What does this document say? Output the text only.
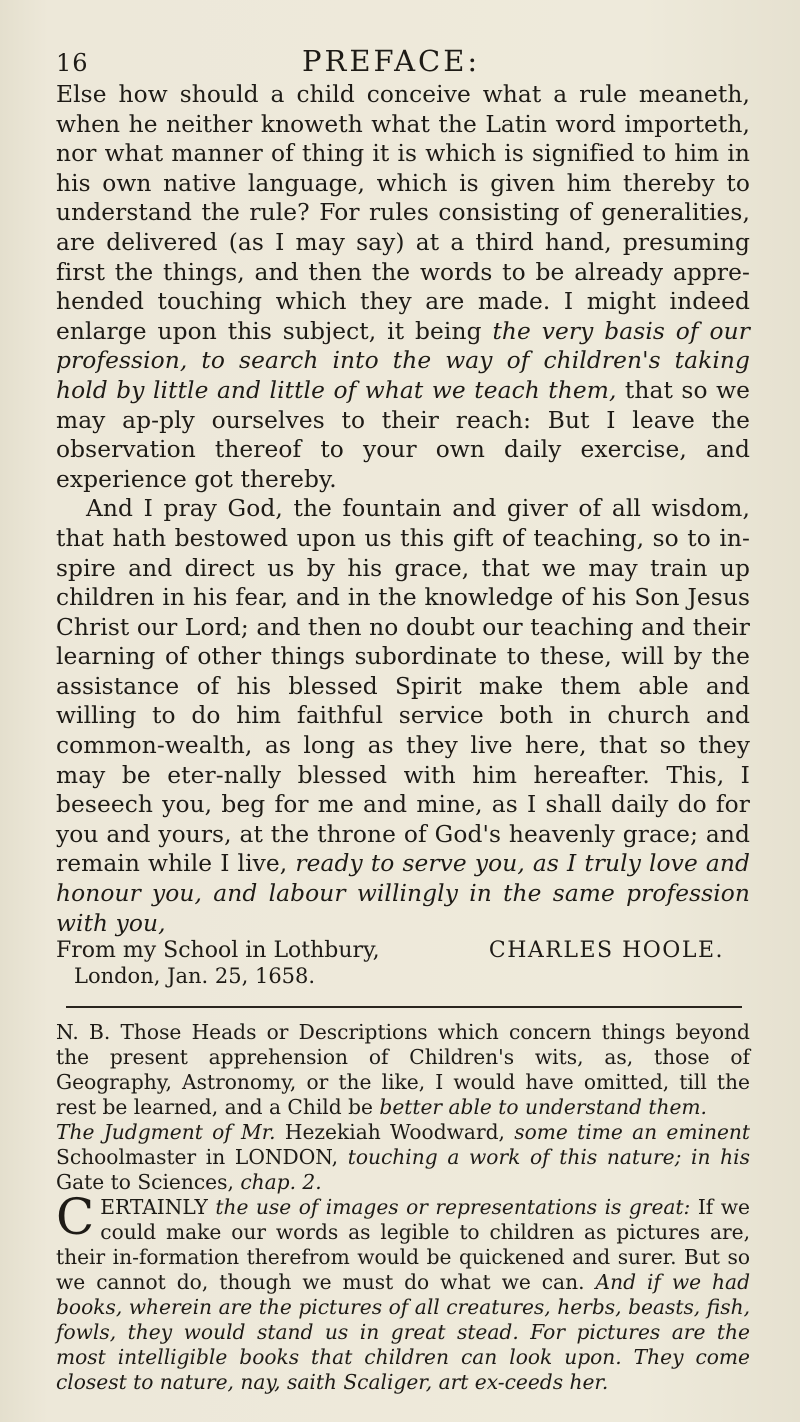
16	PREFACE:

Else how should a child conceive what a rule meaneth, when he neither knoweth what the Latin word importeth, nor what manner of thing it is which is signified to him in his own native language, which is given him thereby to understand the rule? For rules consisting of generalities, are delivered (as I may say) at a third hand, presuming first the things, and then the words to be already appre-hended touching which they are made. I might indeed enlarge upon this subject, it being the very basis of our profession, to search into the way of children's taking hold by little and little of what we teach them, that so we may ap-ply ourselves to their reach: But I leave the observation thereof to your own daily exercise, and experience got thereby.

And I pray God, the fountain and giver of all wisdom, that hath bestowed upon us this gift of teaching, so to in-spire and direct us by his grace, that we may train up children in his fear, and in the knowledge of his Son Jesus Christ our Lord; and then no doubt our teaching and their learning of other things subordinate to these, will by the assistance of his blessed Spirit make them able and willing to do him faithful service both in church and common-wealth, as long as they live here, that so they may be eter-nally blessed with him hereafter. This, I beseech you, beg for me and mine, as I shall daily do for you and yours, at the throne of God's heavenly grace; and remain while I live, ready to serve you, as I truly love and honour you, and labour willingly in the same profession with you,

From my School in Lothbury,	CHARLES HOOLE.
London, Jan. 25, 1658.

N. B. Those Heads or Descriptions which concern things beyond the present apprehension of Children's wits, as, those of Geography, Astronomy, or the like, I would have omitted, till the rest be learned, and a Child be better able to understand them.

The Judgment of Mr. Hezekiah Woodward, some time an eminent Schoolmaster in LONDON, touching a work of this nature; in his Gate to Sciences, chap. 2.

CERTAINLY the use of images or representations is great: If we could make our words as legible to children as pictures are, their in-formation therefrom would be quickened and surer. But so we cannot do, though we must do what we can. And if we had books, wherein are the pictures of all creatures, herbs, beasts, fish, fowls, they would stand us in great stead. For pictures are the most intelligible books that children can look upon. They come closest to nature, nay, saith Scaliger, art ex-ceeds her.
